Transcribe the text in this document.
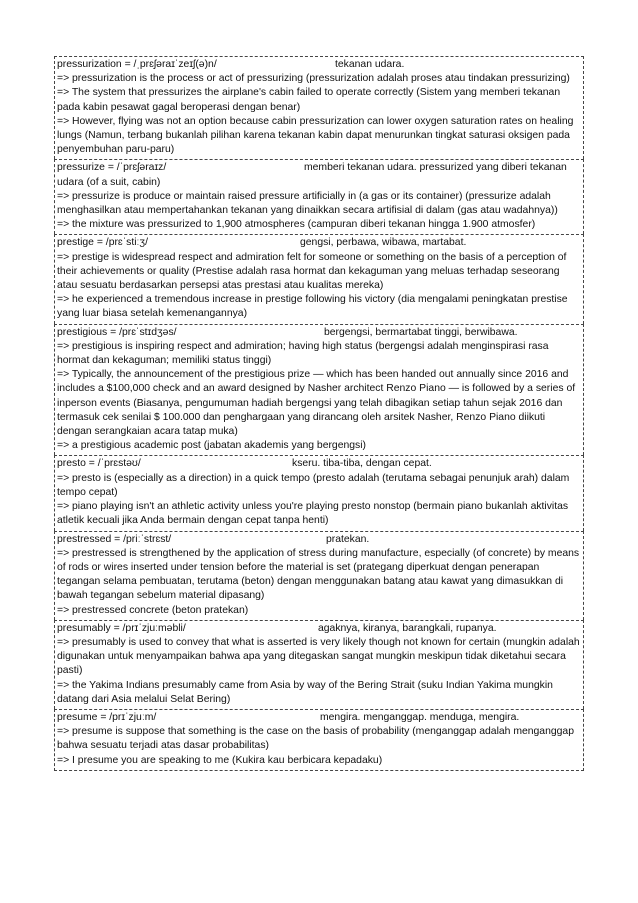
pressurization = /ˌprɛʃəraɪˈzeɪʃ(ə)n/	tekanan udara.
=> pressurization is the process or act of pressurizing (pressurization adalah proses atau tindakan pressurizing)
=> The system that pressurizes the airplane's cabin failed to operate correctly (Sistem yang memberi tekanan pada kabin pesawat gagal beroperasi dengan benar)
=> However, flying was not an option because cabin pressurization can lower oxygen saturation rates on healing lungs (Namun, terbang bukanlah pilihan karena tekanan kabin dapat menurunkan tingkat saturasi oksigen pada penyembuhan paru-paru)
pressurize = /ˈprɛʃəraɪz/	memberi tekanan udara. pressurized yang diberi tekanan udara (of a suit, cabin)
=> pressurize is produce or maintain raised pressure artificially in (a gas or its container) (pressurize adalah menghasilkan atau mempertahankan tekanan yang dinaikkan secara artifisial di dalam (gas atau wadahnya))
=> the mixture was pressurized to 1,900 atmospheres (campuran diberi tekanan hingga 1.900 atmosfer)
prestige = /prɛˈstiːʒ/	gengsi, perbawa, wibawa, martabat.
=> prestige is widespread respect and admiration felt for someone or something on the basis of a perception of their achievements or quality (Prestise adalah rasa hormat dan kekaguman yang meluas terhadap seseorang atau sesuatu berdasarkan persepsi atas prestasi atau kualitas mereka)
=> he experienced a tremendous increase in prestige following his victory (dia mengalami peningkatan prestise yang luar biasa setelah kemenangannya)
prestigious = /prɛˈstɪdʒəs/	bergengsi, bermartabat tinggi, berwibawa.
=> prestigious is inspiring respect and admiration; having high status (bergengsi adalah menginspirasi rasa hormat dan kekaguman; memiliki status tinggi)
=> Typically, the announcement of the prestigious prize — which has been handed out annually since 2016 and includes a $100,000 check and an award designed by Nasher architect Renzo Piano — is followed by a series of inperson events (Biasanya, pengumuman hadiah bergengsi yang telah dibagikan setiap tahun sejak 2016 dan termasuk cek senilai $ 100.000 dan penghargaan yang dirancang oleh arsitek Nasher, Renzo Piano diikuti dengan serangkaian acara tatap muka)
=> a prestigious academic post (jabatan akademis yang bergengsi)
presto = /ˈprɛstəʊ/	kseru. tiba-tiba, dengan cepat.
=> presto is (especially as a direction) in a quick tempo (presto adalah (terutama sebagai penunjuk arah) dalam tempo cepat)
=> piano playing isn't an athletic activity unless you're playing presto nonstop (bermain piano bukanlah aktivitas atletik kecuali jika Anda bermain dengan cepat tanpa henti)
prestressed = /priːˈstrɛst/	pratekan.
=> prestressed is strengthened by the application of stress during manufacture, especially (of concrete) by means of rods or wires inserted under tension before the material is set (prategang diperkuat dengan penerapan tegangan selama pembuatan, terutama (beton) dengan menggunakan batang atau kawat yang dimasukkan di bawah tegangan sebelum material dipasang)
=> prestressed concrete (beton pratekan)
presumably = /prɪˈzjuːməbli/	agaknya, kiranya, barangkali, rupanya.
=> presumably is used to convey that what is asserted is very likely though not known for certain (mungkin adalah digunakan untuk menyampaikan bahwa apa yang ditegaskan sangat mungkin meskipun tidak diketahui secara pasti)
=> the Yakima Indians presumably came from Asia by way of the Bering Strait (suku Indian Yakima mungkin datang dari Asia melalui Selat Bering)
presume = /prɪˈzjuːm/	mengira. menganggap. menduga, mengira.
=> presume is suppose that something is the case on the basis of probability (menganggap adalah menganggap bahwa sesuatu terjadi atas dasar probabilitas)
=> I presume you are speaking to me (Kukira kau berbicara kepadaku)
